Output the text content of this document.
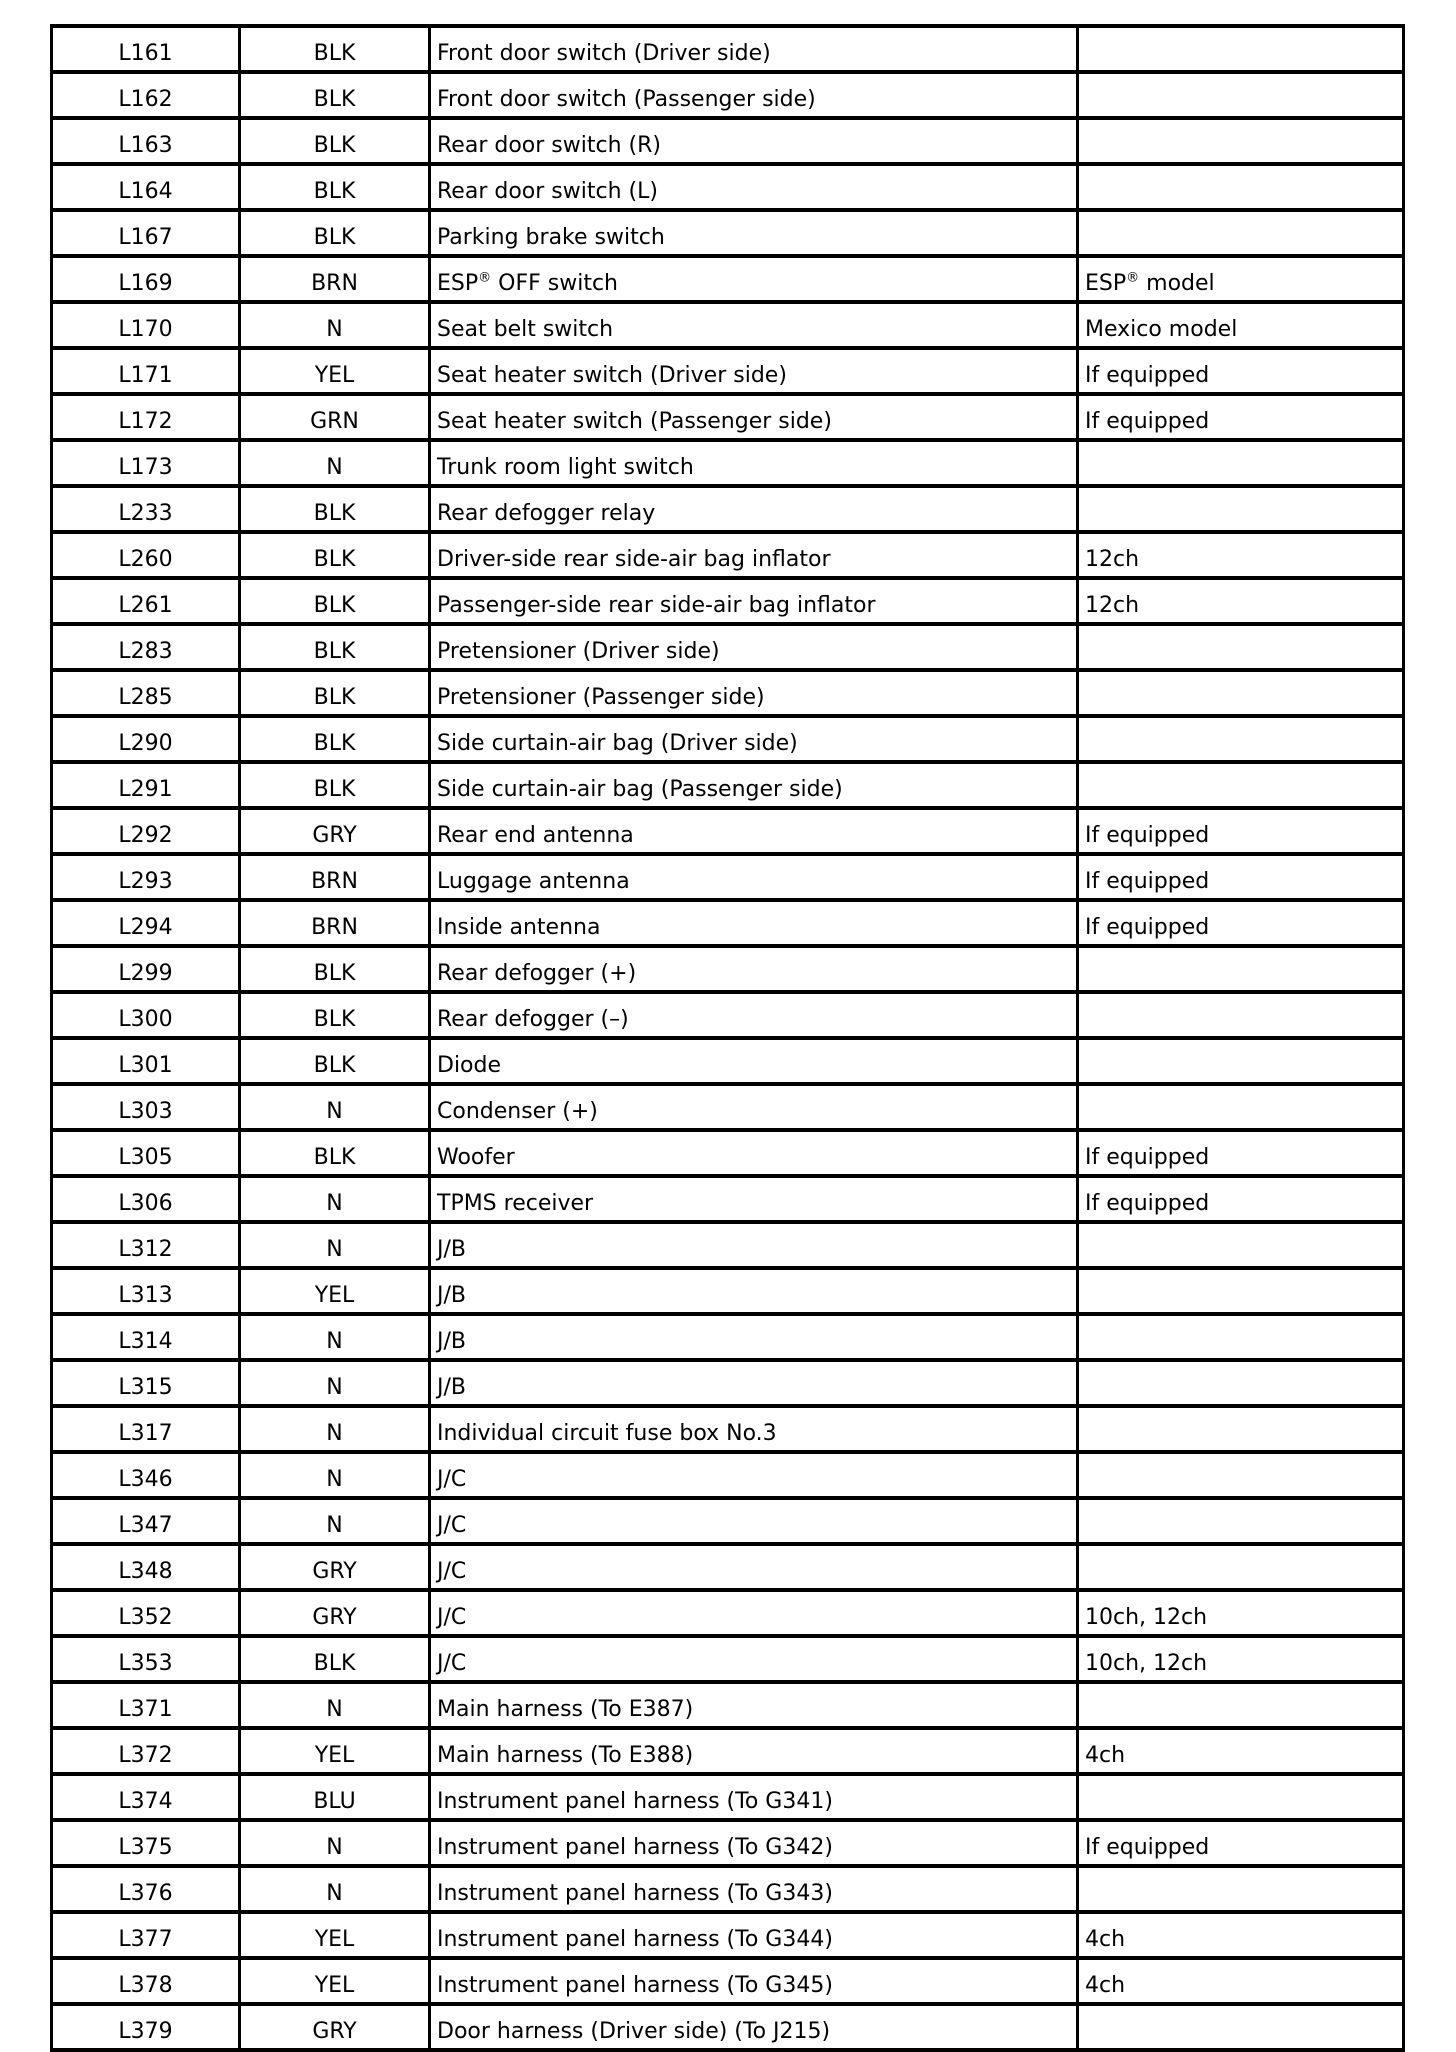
L161	BLK	Front door switch (Driver side)	
L162	BLK	Front door switch (Passenger side)	
L163	BLK	Rear door switch (R)	
L164	BLK	Rear door switch (L)	
L167	BLK	Parking brake switch	
L169	BRN	ESP® OFF switch	ESP® model
L170	N	Seat belt switch	Mexico model
L171	YEL	Seat heater switch (Driver side)	If equipped
L172	GRN	Seat heater switch (Passenger side)	If equipped
L173	N	Trunk room light switch	
L233	BLK	Rear defogger relay	
L260	BLK	Driver-side rear side-air bag inflator	12ch
L261	BLK	Passenger-side rear side-air bag inflator	12ch
L283	BLK	Pretensioner (Driver side)	
L285	BLK	Pretensioner (Passenger side)	
L290	BLK	Side curtain-air bag (Driver side)	
L291	BLK	Side curtain-air bag (Passenger side)	
L292	GRY	Rear end antenna	If equipped
L293	BRN	Luggage antenna	If equipped
L294	BRN	Inside antenna	If equipped
L299	BLK	Rear defogger (+)	
L300	BLK	Rear defogger (–)	
L301	BLK	Diode	
L303	N	Condenser (+)	
L305	BLK	Woofer	If equipped
L306	N	TPMS receiver	If equipped
L312	N	J/B	
L313	YEL	J/B	
L314	N	J/B	
L315	N	J/B	
L317	N	Individual circuit fuse box No.3	
L346	N	J/C	
L347	N	J/C	
L348	GRY	J/C	
L352	GRY	J/C	10ch, 12ch
L353	BLK	J/C	10ch, 12ch
L371	N	Main harness (To E387)	
L372	YEL	Main harness (To E388)	4ch
L374	BLU	Instrument panel harness (To G341)	
L375	N	Instrument panel harness (To G342)	If equipped
L376	N	Instrument panel harness (To G343)	
L377	YEL	Instrument panel harness (To G344)	4ch
L378	YEL	Instrument panel harness (To G345)	4ch
L379	GRY	Door harness (Driver side) (To J215)	
